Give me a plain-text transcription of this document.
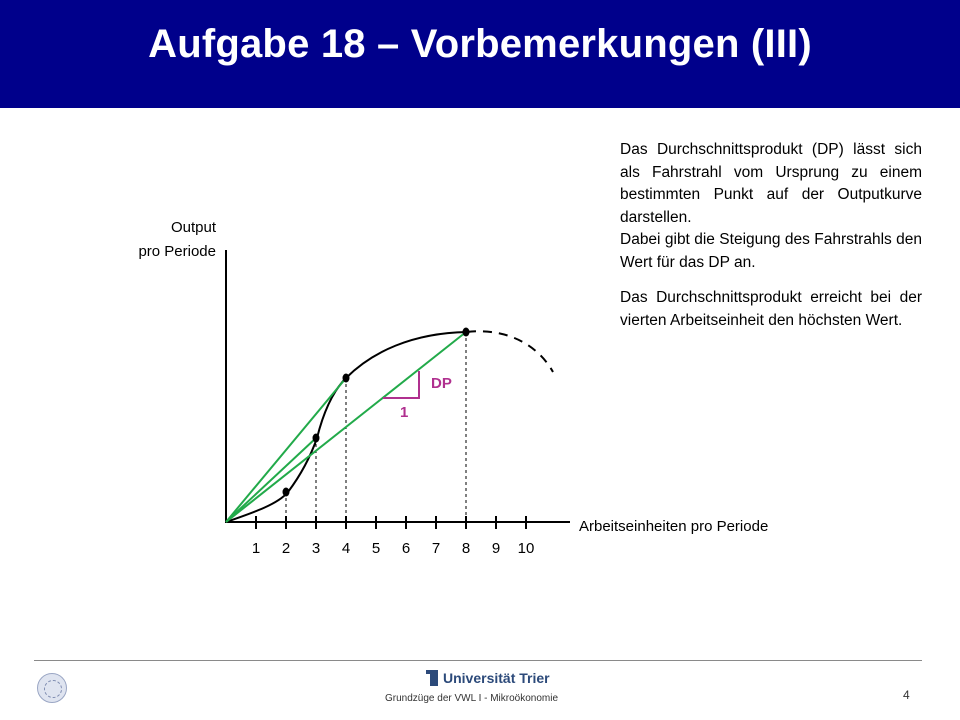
Aufgabe 18 – Vorbemerkungen (III)
DP
1
Output
pro Periode
Arbeitseinheiten pro Periode
1 2 3 4 5 6 7 8 9 10

Das Durchschnittsprodukt (DP) lässt sich als Fahrstrahl vom Ursprung zu einem bestimmten Punkt auf der Outputkurve darstellen.

Dabei gibt die Steigung des Fahrstrahls den Wert für das DP an.

Das Durchschnittsprodukt erreicht bei der vierten Arbeitseinheit den höchsten Wert.

Universität Trier
Grundzüge der VWL I - Mikroökonomie	4
